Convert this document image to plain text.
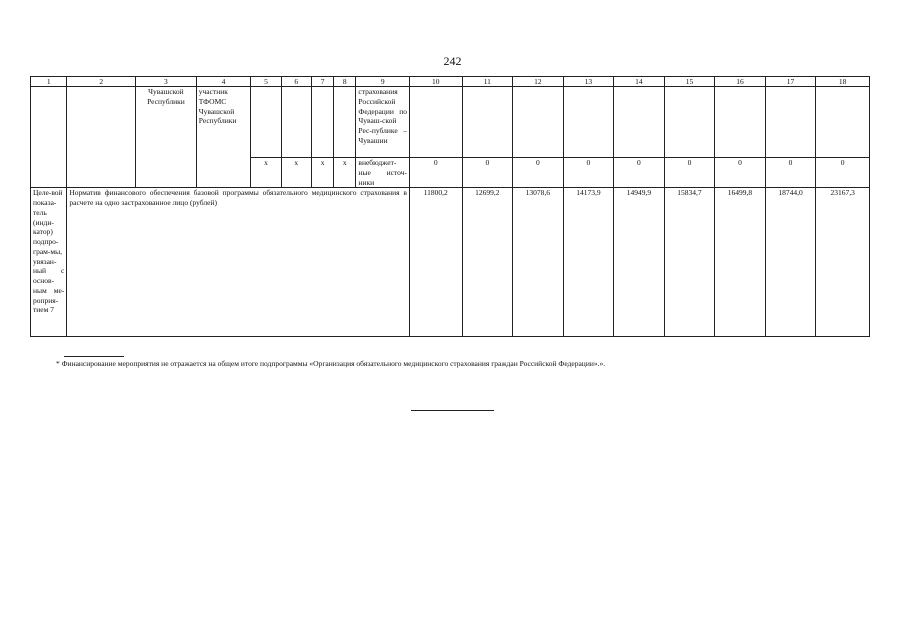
242
1	2	3	4	5	6	7	8	9	10	11	12	13	14	15	16	17	18
		Чувашской Республики	участник ТФОМС Чувашской Республики					страхования Российской Федерации по Чуваш-ской Рес-публике – Чувашии									
				x	x	x	x	внебюджет-ные источ-ники	0	0	0	0	0	0	0	0	0
Целе-вой показа-тель (инди-катор) подпро-грам-мы, увязан-ный с основ-ным ме-роприя-тием 7	Норматив финансового обеспечения базовой программы обязательного медицинского страхования в расчете на одно застрахованное лицо (рублей)								11800,2	12699,2	13078,6	14173,9	14949,9	15834,7	16499,8	18744,0	23167,3
* Финансирование мероприятия не отражается на общем итоге подпрограммы «Организация обязательного медицинского страхования граждан Российской Федерации».».
